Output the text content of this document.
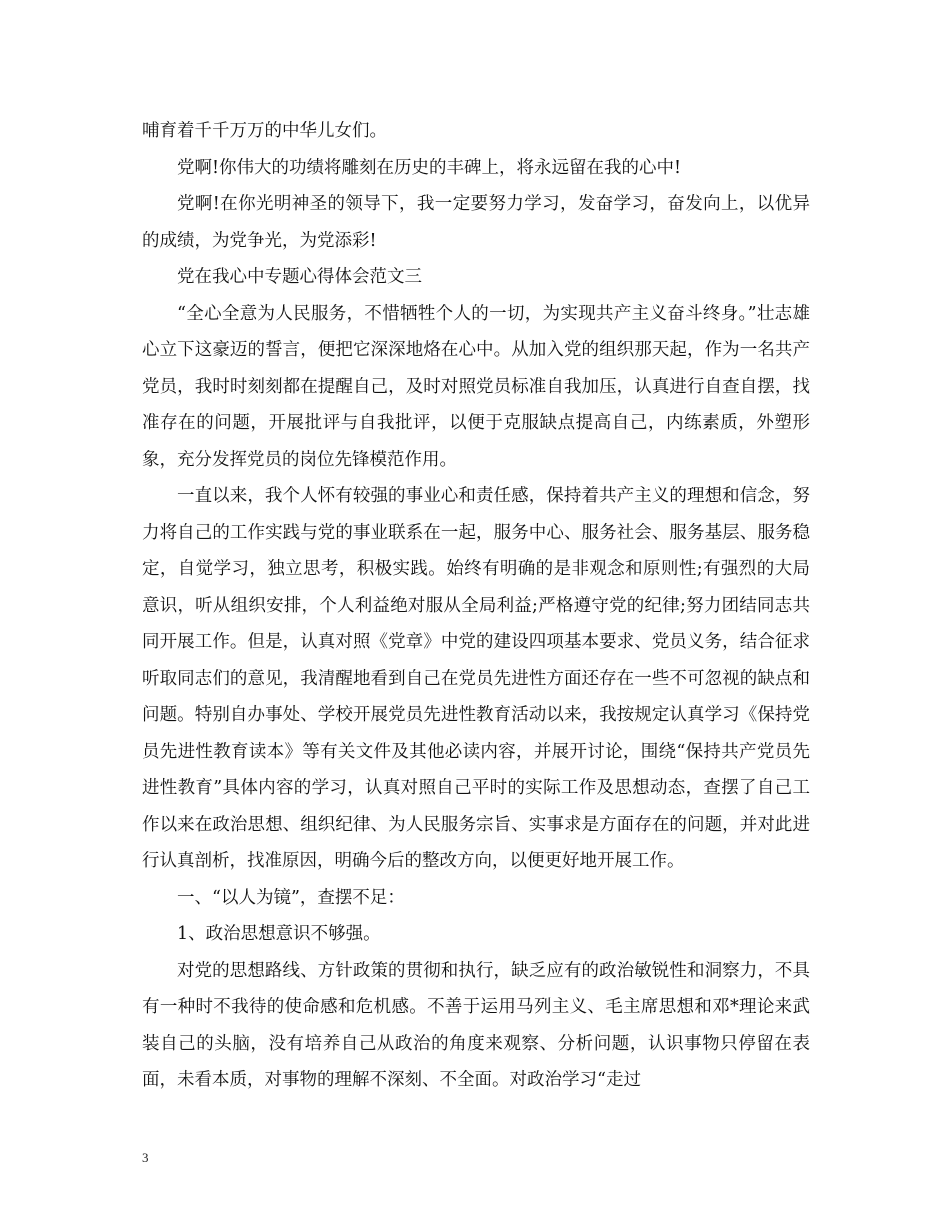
哺育着千千万万的中华儿女们。

党啊!你伟大的功绩将雕刻在历史的丰碑上，将永远留在我的心中!

党啊!在你光明神圣的领导下，我一定要努力学习，发奋学习，奋发向上，以优异的成绩，为党争光，为党添彩!

党在我心中专题心得体会范文三

“全心全意为人民服务，不惜牺牲个人的一切，为实现共产主义奋斗终身。”壮志雄心立下这豪迈的誓言，便把它深深地烙在心中。从加入党的组织那天起，作为一名共产党员，我时时刻刻都在提醒自己，及时对照党员标准自我加压，认真进行自查自摆，找准存在的问题，开展批评与自我批评，以便于克服缺点提高自己，内练素质，外塑形象，充分发挥党员的岗位先锋模范作用。

一直以来，我个人怀有较强的事业心和责任感，保持着共产主义的理想和信念，努力将自己的工作实践与党的事业联系在一起，服务中心、服务社会、服务基层、服务稳定，自觉学习，独立思考，积极实践。始终有明确的是非观念和原则性;有强烈的大局意识，听从组织安排，个人利益绝对服从全局利益;严格遵守党的纪律;努力团结同志共同开展工作。但是，认真对照《党章》中党的建设四项基本要求、党员义务，结合征求听取同志们的意见，我清醒地看到自己在党员先进性方面还存在一些不可忽视的缺点和问题。特别自办事处、学校开展党员先进性教育活动以来，我按规定认真学习《保持党员先进性教育读本》等有关文件及其他必读内容，并展开讨论，围绕“保持共产党员先进性教育”具体内容的学习，认真对照自己平时的实际工作及思想动态，查摆了自己工作以来在政治思想、组织纪律、为人民服务宗旨、实事求是方面存在的问题，并对此进行认真剖析，找准原因，明确今后的整改方向，以便更好地开展工作。

一、“以人为镜”，查摆不足：

1、政治思想意识不够强。

对党的思想路线、方针政策的贯彻和执行，缺乏应有的政治敏锐性和洞察力，不具有一种时不我待的使命感和危机感。不善于运用马列主义、毛主席思想和邓*理论来武装自己的头脑，没有培养自己从政治的角度来观察、分析问题，认识事物只停留在表面，未看本质，对事物的理解不深刻、不全面。对政治学习“走过

3
